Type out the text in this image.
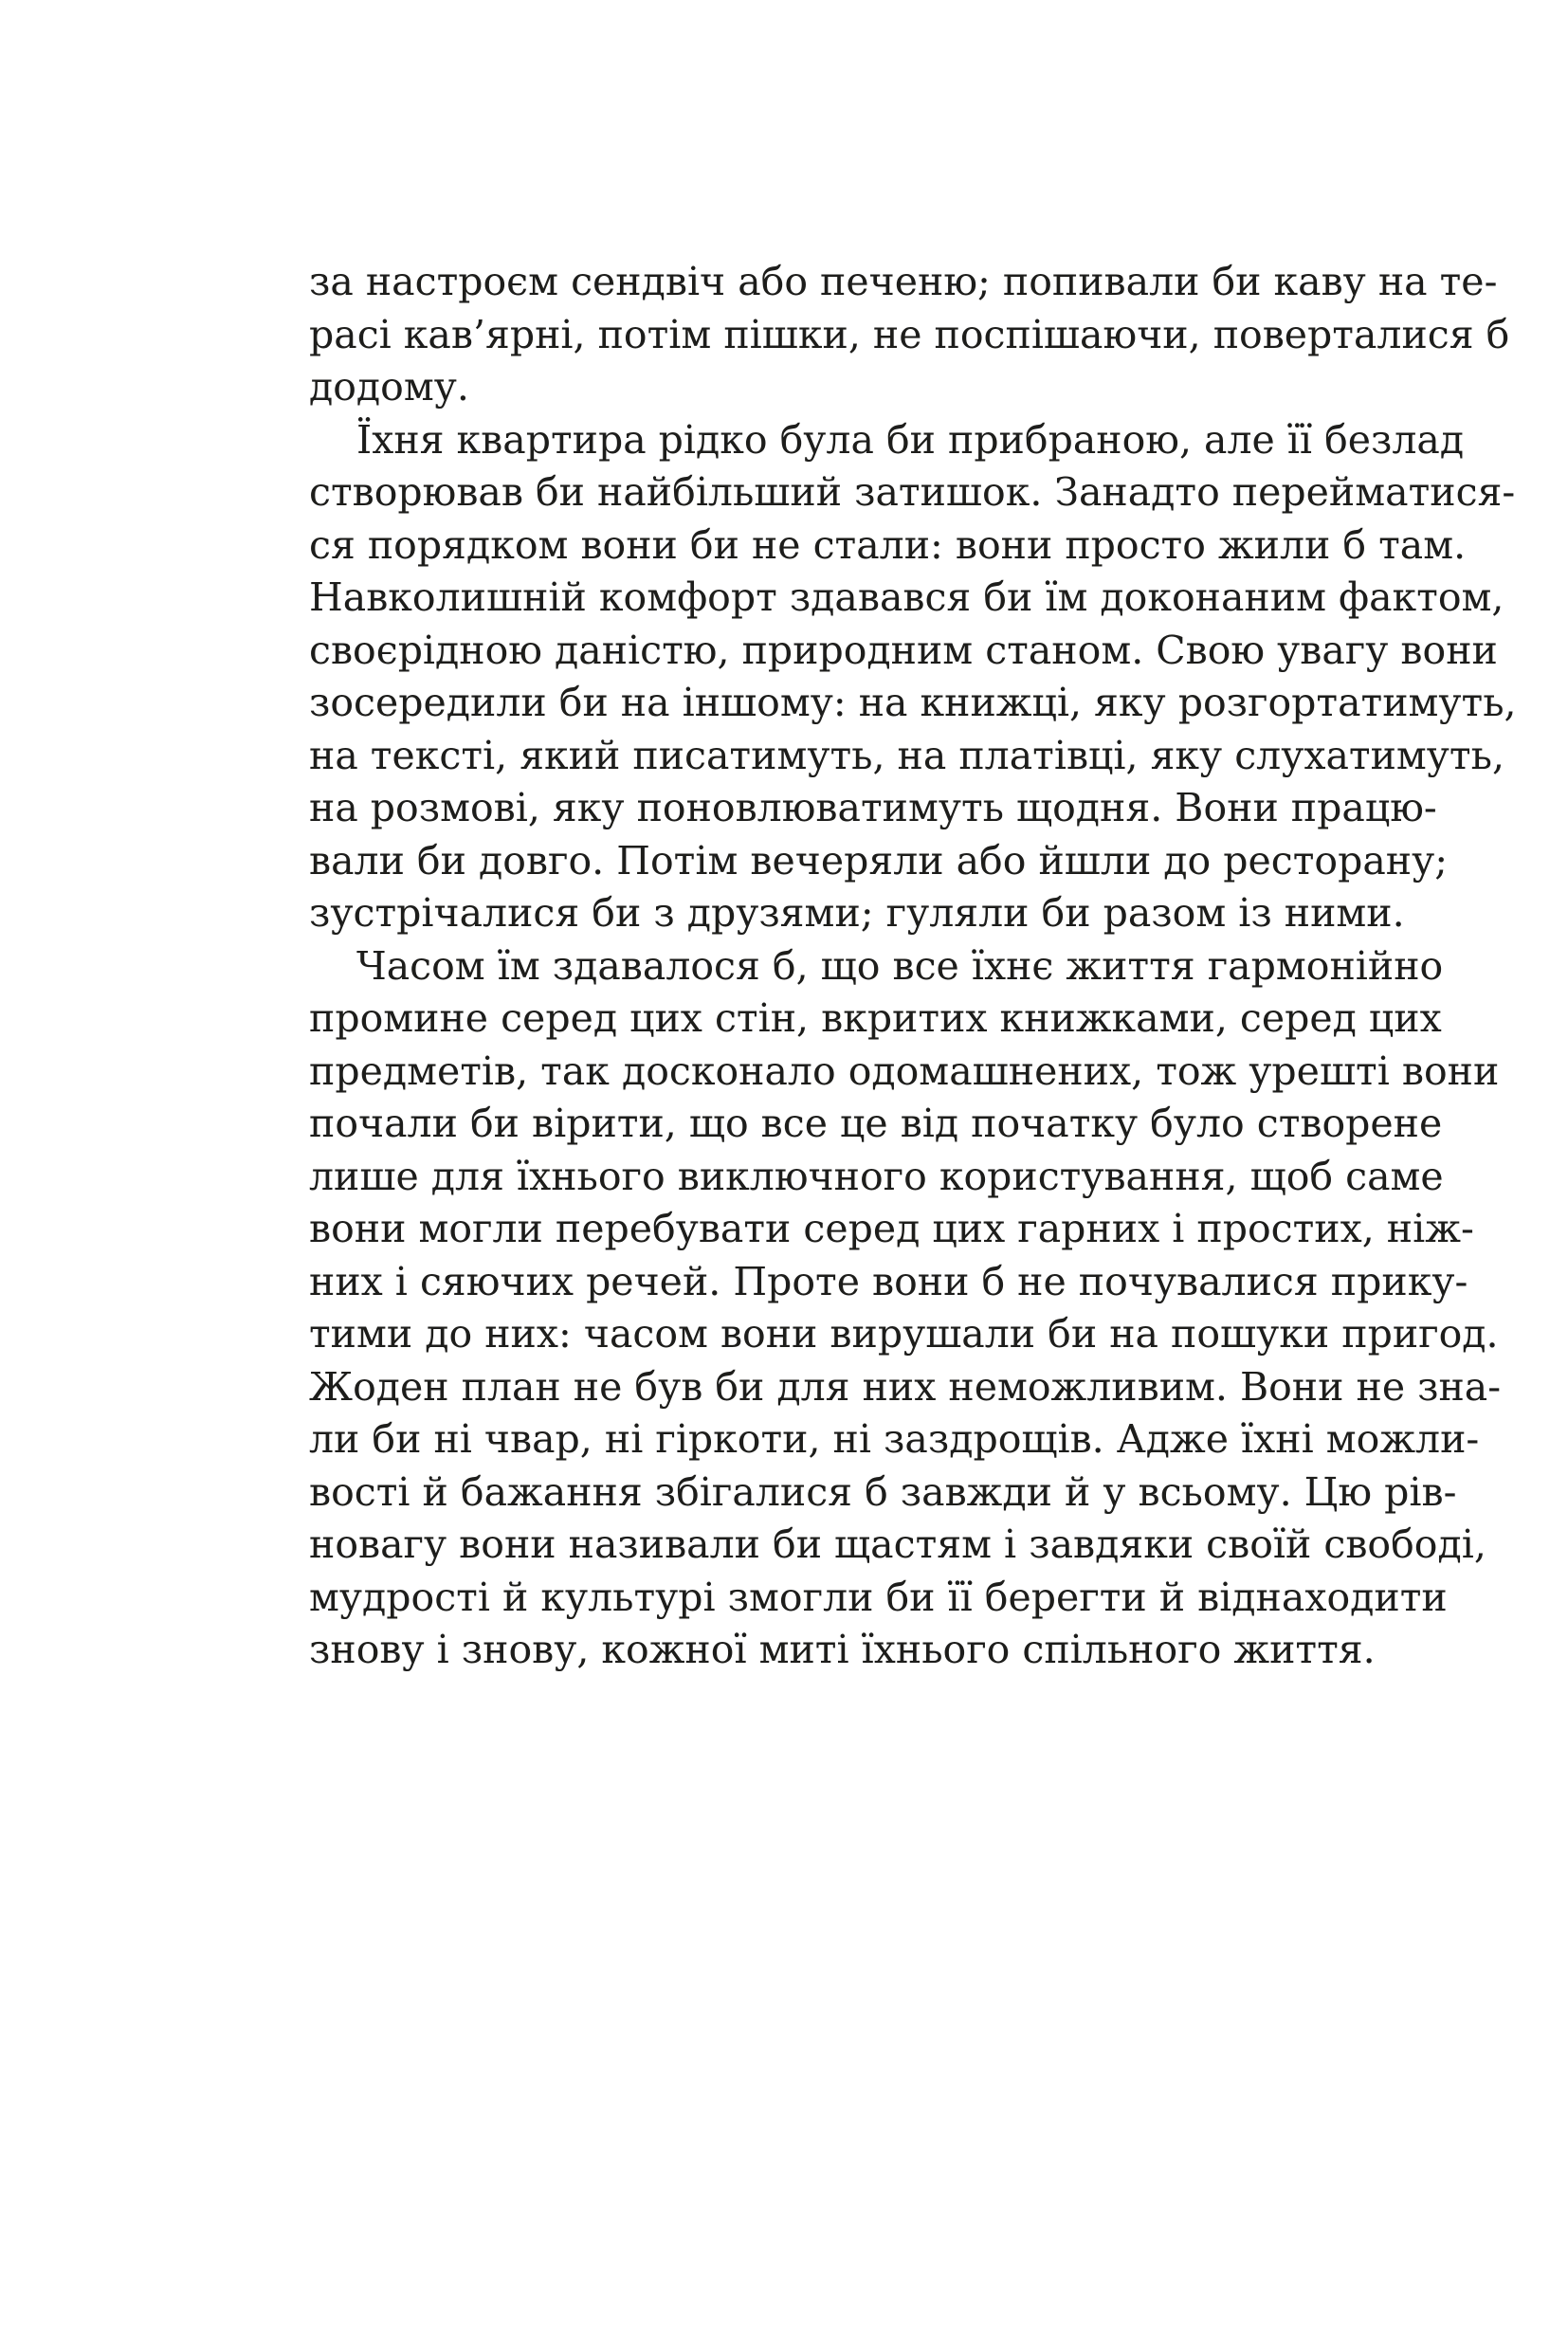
за настроєм сендвіч або печеню; попивали би каву на те-
расі кав’ярні, потім пішки, не поспішаючи, поверталися б
додому.
Їхня квартира рідко була би прибраною, але її безлад
створював би найбільший затишок. Занадто перейматися-
ся порядком вони би не стали: вони просто жили б там.
Навколишній комфорт здавався би їм доконаним фактом,
своєрідною даністю, природним станом. Свою увагу вони
зосередили би на іншому: на книжці, яку розгортатимуть,
на тексті, який писатимуть, на платівці, яку слухатимуть,
на розмові, яку поновлюватимуть щодня. Вони працю-
вали би довго. Потім вечеряли або йшли до ресторану;
зустрічалися би з друзями; гуляли би разом із ними.
Часом їм здавалося б, що все їхнє життя гармонійно
промине серед цих стін, вкритих книжками, серед цих
предметів, так досконало одомашнених, тож урешті вони
почали би вірити, що все це від початку було створене
лише для їхнього виключного користування, щоб саме
вони могли перебувати серед цих гарних і простих, ніж-
них і сяючих речей. Проте вони б не почувалися прику-
тими до них: часом вони вирушали би на пошуки пригод.
Жоден план не був би для них неможливим. Вони не зна-
ли би ні чвар, ні гіркоти, ні заздрощів. Адже їхні можли-
вості й бажання збігалися б завжди й у всьому. Цю рів-
новагу вони називали би щастям і завдяки своїй свободі,
мудрості й культурі змогли би її берегти й віднаходити
знову і знову, кожної миті їхнього спільного життя.
